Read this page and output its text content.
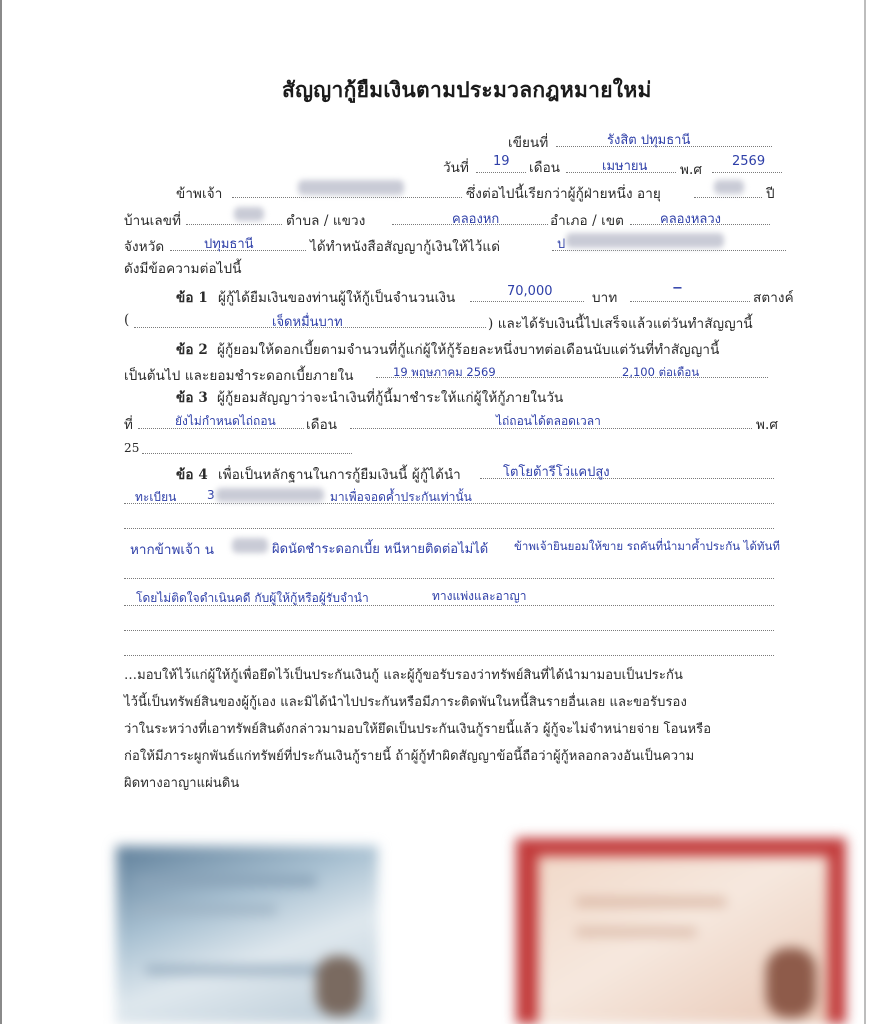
สัญญากู้ยืมเงินตามประมวลกฎหมายใหม่
เขียนที่	รังสิต ปทุมธานี
วันที่ 19 เดือน	เมษายน พ.ศ
2569
ข้าพเจ้า	ซึ่งต่อไปนี้เรียกว่าผู้กู้ฝ่ายหนึ่ง อายุ	ปี
บ้านเลขที่	ตำบล / แขวง	คลองหก	อำเภอ / เขต	คลองหลวง
จังหวัด	ปทุมธานี	ได้ทำหนังสือสัญญากู้เงินให้ไว้แด่	ป
ดังมีข้อความต่อไปนี้
ข้อ 1 ผู้กู้ได้ยืมเงินของท่านผู้ให้กู้เป็นจำนวนเงิน	70,000	บาท
−
สตางค์
(	เจ็ดหมื่นบาท	) และได้รับเงินนี้ไปเสร็จแล้วแต่วันทำสัญญานี้
ข้อ 2 ผู้กู้ยอมให้ดอกเบี้ยตามจำนวนที่กู้แก่ผู้ให้กู้ร้อยละหนึ่งบาทต่อเดือนนับแต่วันที่ทำสัญญานี้
เป็นต้นไป และยอมชำระดอกเบี้ยภายใน	19 พฤษภาคม 2569	2,100 ต่อเดือน
ข้อ 3 ผู้กู้ยอมสัญญาว่าจะนำเงินที่กู้นี้มาชำระให้แก่ผู้ให้กู้ภายในวัน
ที่	ยังไม่กำหนดไถ่ถอน เดือน	ไถ่ถอนได้ตลอดเวลา	พ.ศ
25
ข้อ 4 เพื่อเป็นหลักฐานในการกู้ยืมเงินนี้ ผู้กู้ได้นำ	โตโยต้ารีโว่แคปสูง
ทะเบียน	3	มาเพื่อจอดค้ำประกันเท่านั้น
หากข้าพเจ้า น	ผิดนัดชำระดอกเบี้ย หนีหายติดต่อไม่ได้ ข้าพเจ้ายินยอมให้ขาย รถคันที่นำมาค้ำประกัน ได้ทันที
โดยไม่ติดใจดำเนินคดี กับผู้ให้กู้หรือผู้รับจำนำ	ทางแพ่งและอาญา
…มอบให้ไว้แก่ผู้ให้กู้เพื่อยึดไว้เป็นประกันเงินกู้ และผู้กู้ขอรับรองว่าทรัพย์สินที่ได้นำมามอบเป็นประกัน
ไว้นี้เป็นทรัพย์สินของผู้กู้เอง และมิได้นำไปประกันหรือมีภาระติดพันในหนี้สินรายอื่นเลย และขอรับรอง
ว่าในระหว่างที่เอาทรัพย์สินดังกล่าวมามอบให้ยึดเป็นประกันเงินกู้รายนี้แล้ว ผู้กู้จะไม่จำหน่ายจ่าย โอนหรือ
ก่อให้มีภาระผูกพันธ์แก่ทรัพย์ที่ประกันเงินกู้รายนี้ ถ้าผู้กู้ทำผิดสัญญาข้อนี้ถือว่าผู้กู้หลอกลวงอันเป็นความ
ผิดทางอาญาแผ่นดิน
